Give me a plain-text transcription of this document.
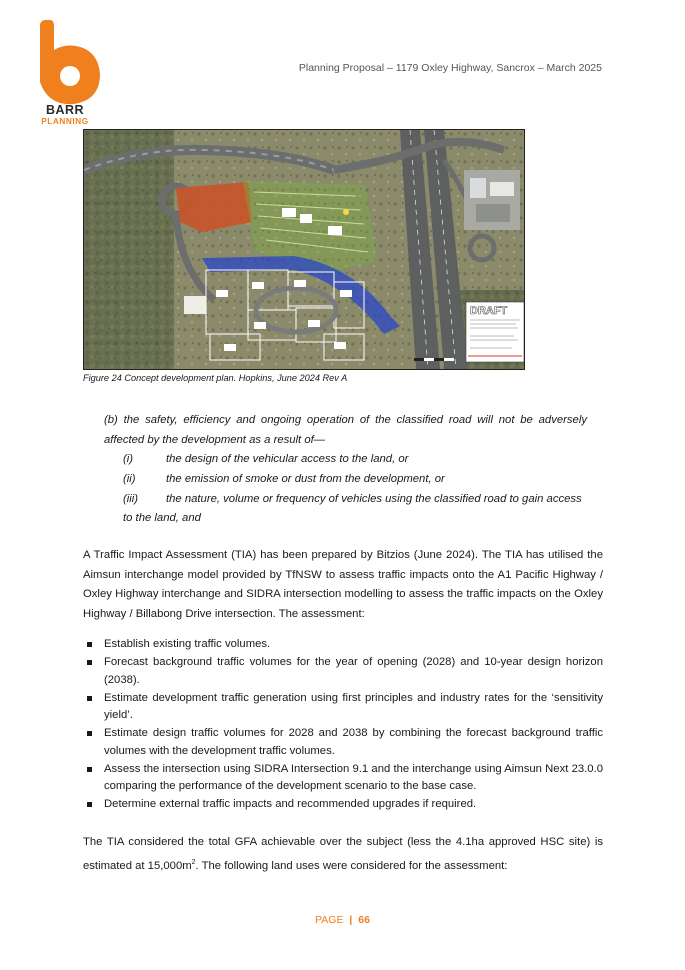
BARR
PLANNING
Planning Proposal – 1179 Oxley Highway, Sancrox – March 2025
DRAFT
Figure 24 Concept development plan. Hopkins, June 2024 Rev A
(b) the safety, efficiency and ongoing operation of the classified road will not be adversely affected by the development as a result of—
(i)	the design of the vehicular access to the land, or
(ii)	the emission of smoke or dust from the development, or
(iii) the nature, volume or frequency of vehicles using the classified road to gain access
to the land, and
A Traffic Impact Assessment (TIA) has been prepared by Bitzios (June 2024). The TIA has utilised the Aimsun interchange model provided by TfNSW to assess traffic impacts onto the A1 Pacific Highway / Oxley Highway interchange and SIDRA intersection modelling to assess the traffic impacts on the Oxley Highway / Billabong Drive intersection. The assessment:
Establish existing traffic volumes.
Forecast background traffic volumes for the year of opening (2028) and 10-year design horizon (2038).
Estimate development traffic generation using first principles and industry rates for the ‘sensitivity yield’.
Estimate design traffic volumes for 2028 and 2038 by combining the forecast background traffic volumes with the development traffic volumes.
Assess the intersection using SIDRA Intersection 9.1 and the interchange using Aimsun Next 23.0.0 comparing the performance of the development scenario to the base case.
Determine external traffic impacts and recommended upgrades if required.
The TIA considered the total GFA achievable over the subject (less the 4.1ha approved HSC site) is estimated at $15,000m^2$. The following land uses were considered for the assessment:
PAGE | 66
